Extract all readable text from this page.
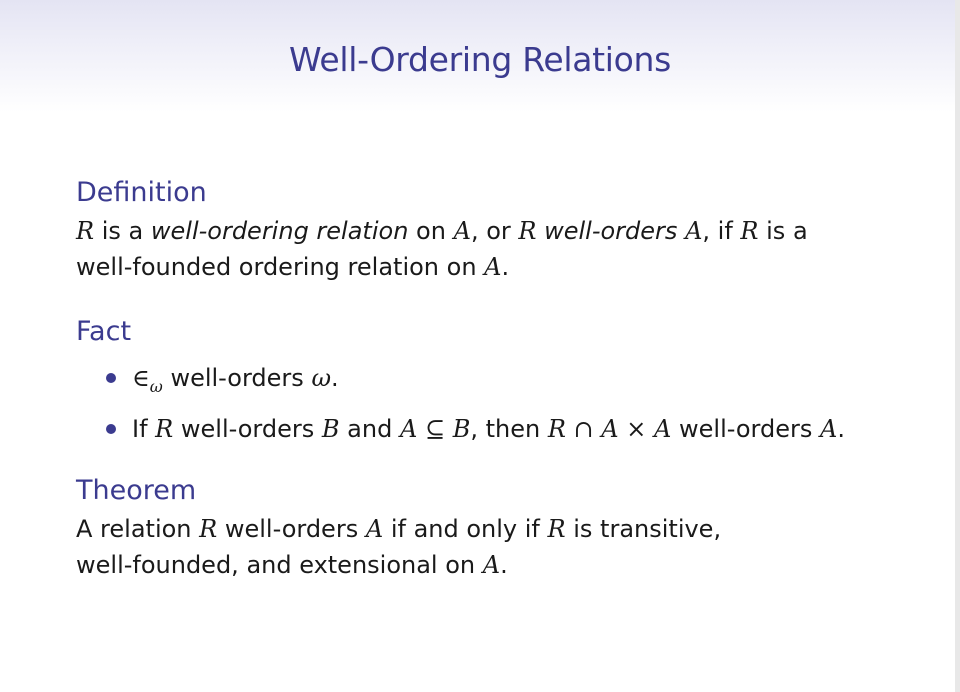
Well-Ordering Relations
Definition
R is a well-ordering relation on A, or R well-orders A, if R is a
well-founded ordering relation on A.
Fact
$\in_\omega$ well-orders ω.
If R well-orders B and A ⊆ B, then R ∩ A × A well-orders A.
Theorem
A relation R well-orders A if and only if R is transitive,
well-founded, and extensional on A.
